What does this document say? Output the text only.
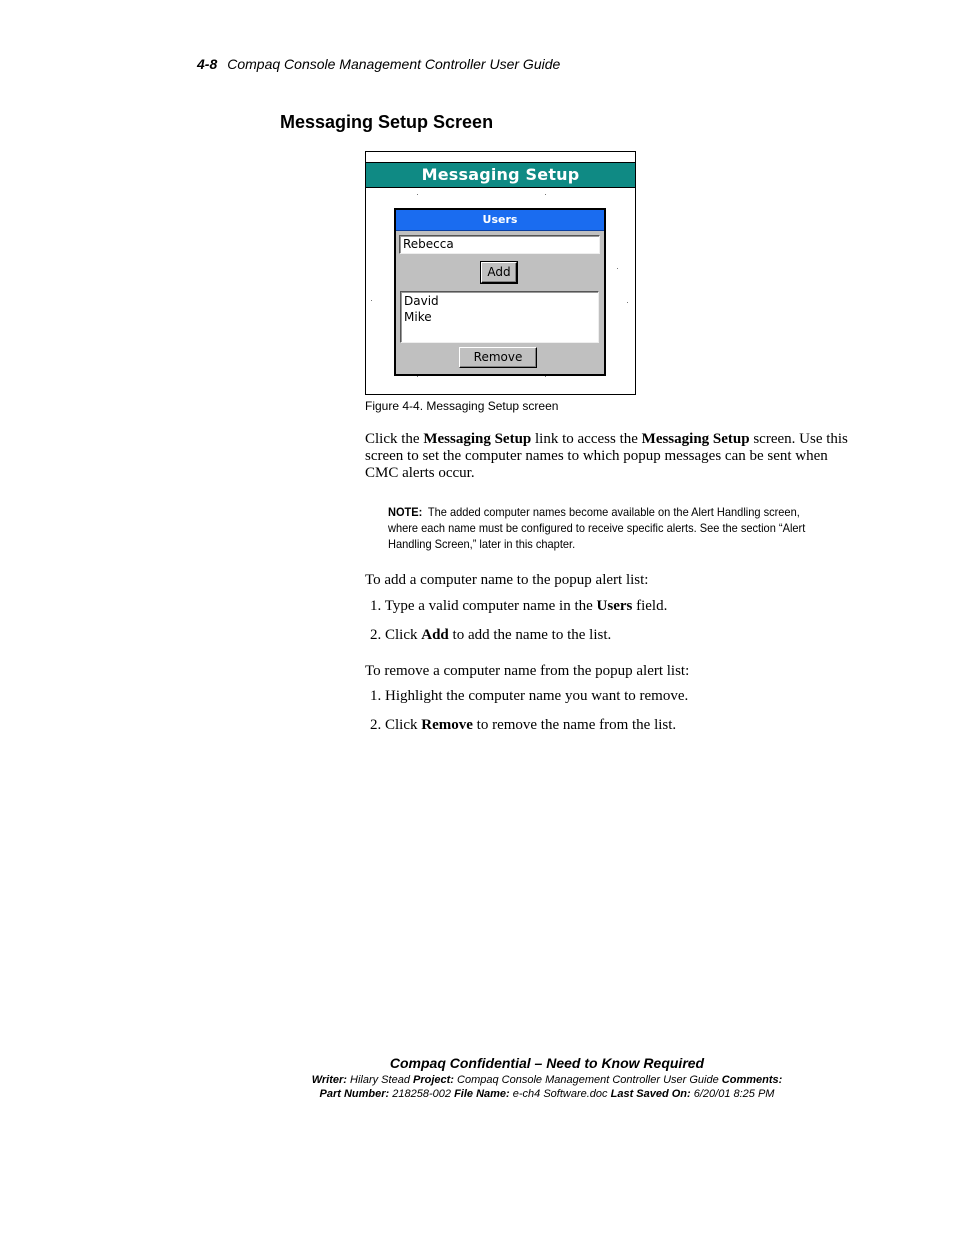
4-8 Compaq Console Management Controller User Guide
Messaging Setup Screen
Messaging Setup
Users
Rebecca
Add
David
Mike
Remove
Figure 4-4. Messaging Setup screen
Click the Messaging Setup link to access the Messaging Setup screen. Use this screen to set the computer names to which popup messages can be sent when CMC alerts occur.
NOTE: The added computer names become available on the Alert Handling screen, where each name must be configured to receive specific alerts. See the section “Alert Handling Screen,” later in this chapter.
To add a computer name to the popup alert list:
1. Type a valid computer name in the Users field.
2. Click Add to add the name to the list.
To remove a computer name from the popup alert list:
1. Highlight the computer name you want to remove.
2. Click Remove to remove the name from the list.
Compaq Confidential – Need to Know Required
Writer: Hilary Stead Project: Compaq Console Management Controller User Guide Comments:
Part Number: 218258-002 File Name: e-ch4 Software.doc Last Saved On: 6/20/01 8:25 PM
